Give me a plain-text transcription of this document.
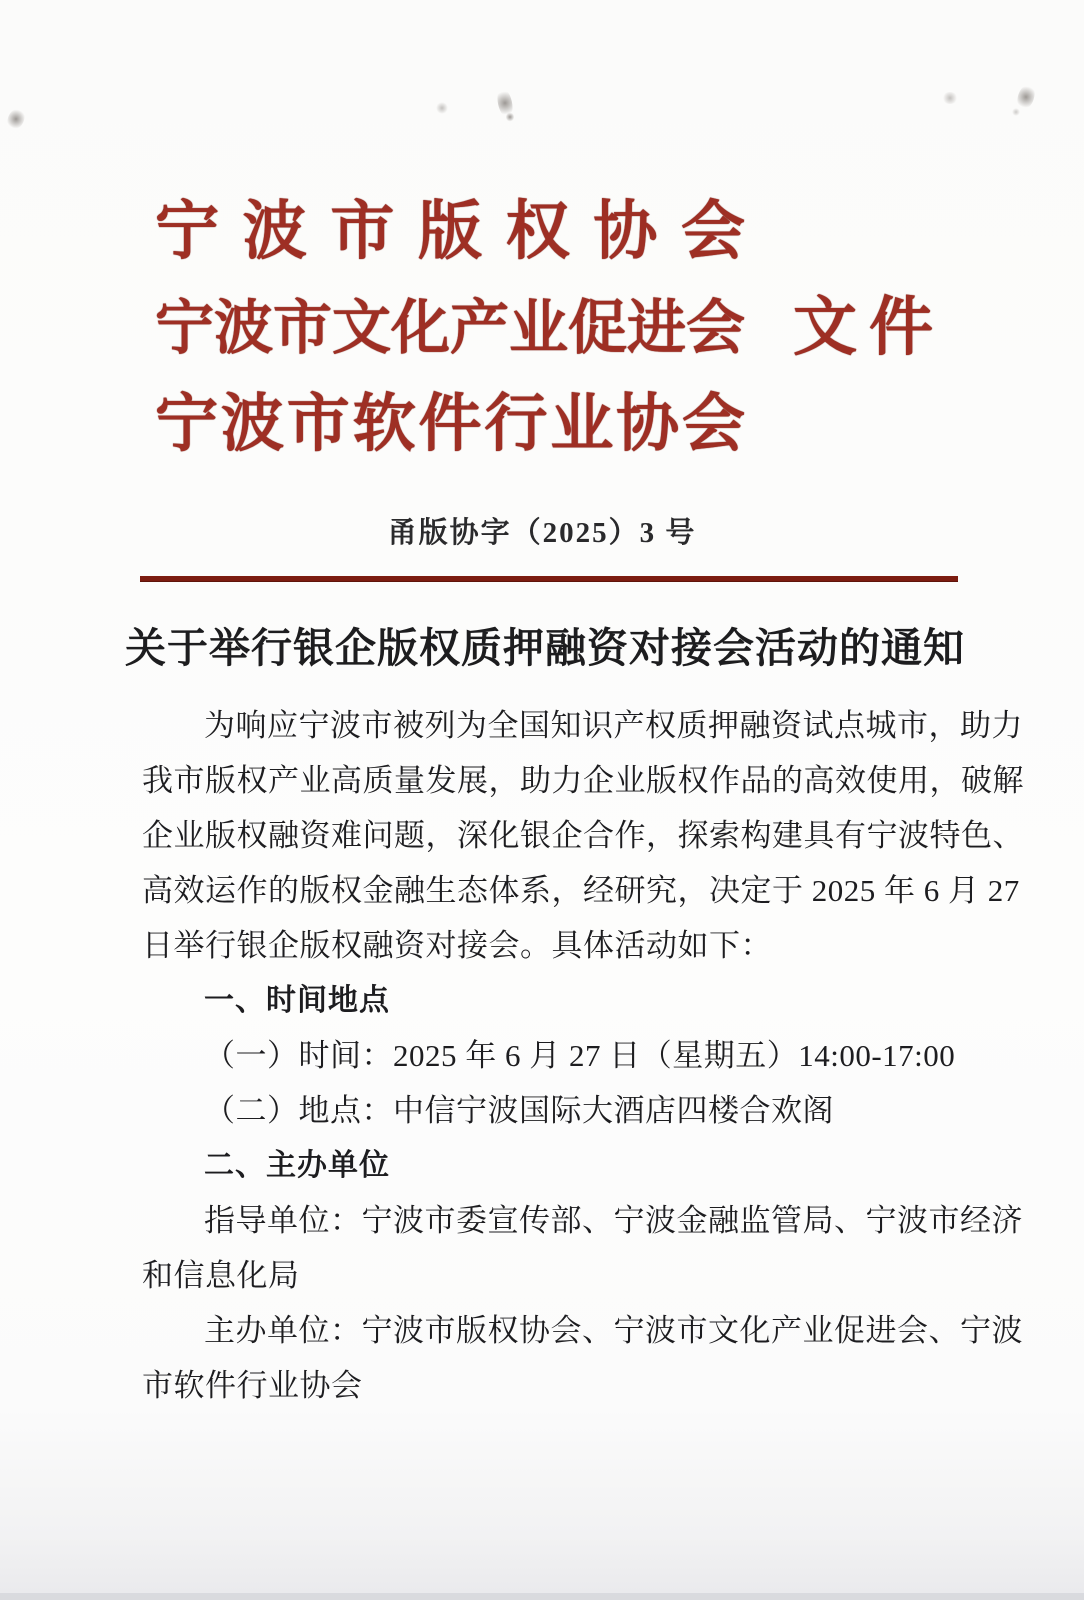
宁波市版权协会
宁波市文化产业促进会 文件
宁波市软件行业协会
甬版协字（2025）3 号
关于举行银企版权质押融资对接会活动的通知
为响应宁波市被列为全国知识产权质押融资试点城市，助力
我市版权产业高质量发展，助力企业版权作品的高效使用，破解
企业版权融资难问题，深化银企合作，探索构建具有宁波特色、
高效运作的版权金融生态体系，经研究，决定于 2025 年 6 月 27
日举行银企版权融资对接会。具体活动如下：
一、时间地点
（一）时间：2025 年 6 月 27 日（星期五）14:00-17:00
（二）地点：中信宁波国际大酒店四楼合欢阁
二、主办单位
指导单位：宁波市委宣传部、宁波金融监管局、宁波市经济
和信息化局
主办单位：宁波市版权协会、宁波市文化产业促进会、宁波
市软件行业协会
